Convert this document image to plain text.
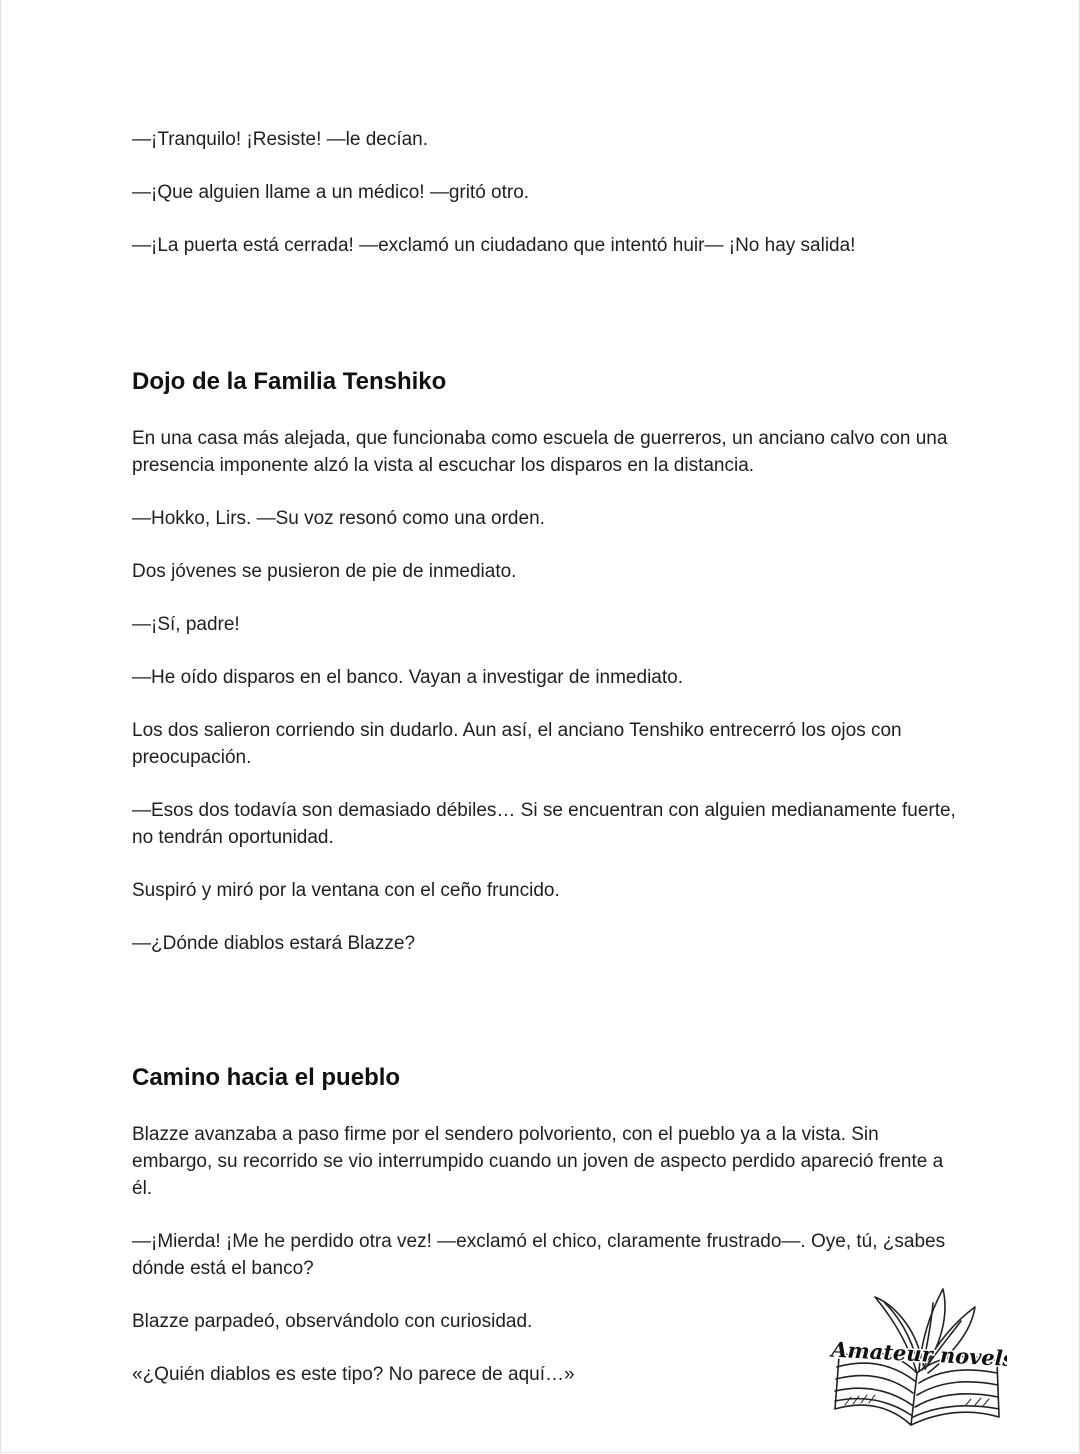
—¡Tranquilo! ¡Resiste! —le decían.

—¡Que alguien llame a un médico! —gritó otro.

—¡La puerta está cerrada! —exclamó un ciudadano que intentó huir— ¡No hay salida!

Dojo de la Familia Tenshiko

En una casa más alejada, que funcionaba como escuela de guerreros, un anciano calvo con una presencia imponente alzó la vista al escuchar los disparos en la distancia.

—Hokko, Lirs. —Su voz resonó como una orden.

Dos jóvenes se pusieron de pie de inmediato.

—¡Sí, padre!

—He oído disparos en el banco. Vayan a investigar de inmediato.

Los dos salieron corriendo sin dudarlo. Aun así, el anciano Tenshiko entrecerró los ojos con preocupación.

—Esos dos todavía son demasiado débiles… Si se encuentran con alguien medianamente fuerte, no tendrán oportunidad.

Suspiró y miró por la ventana con el ceño fruncido.

—¿Dónde diablos estará Blazze?

Camino hacia el pueblo

Blazze avanzaba a paso firme por el sendero polvoriento, con el pueblo ya a la vista. Sin embargo, su recorrido se vio interrumpido cuando un joven de aspecto perdido apareció frente a él.

—¡Mierda! ¡Me he perdido otra vez! —exclamó el chico, claramente frustrado—. Oye, tú, ¿sabes dónde está el banco?

Blazze parpadeó, observándolo con curiosidad.

«¿Quién diablos es este tipo? No parece de aquí…»

Amateur novels
